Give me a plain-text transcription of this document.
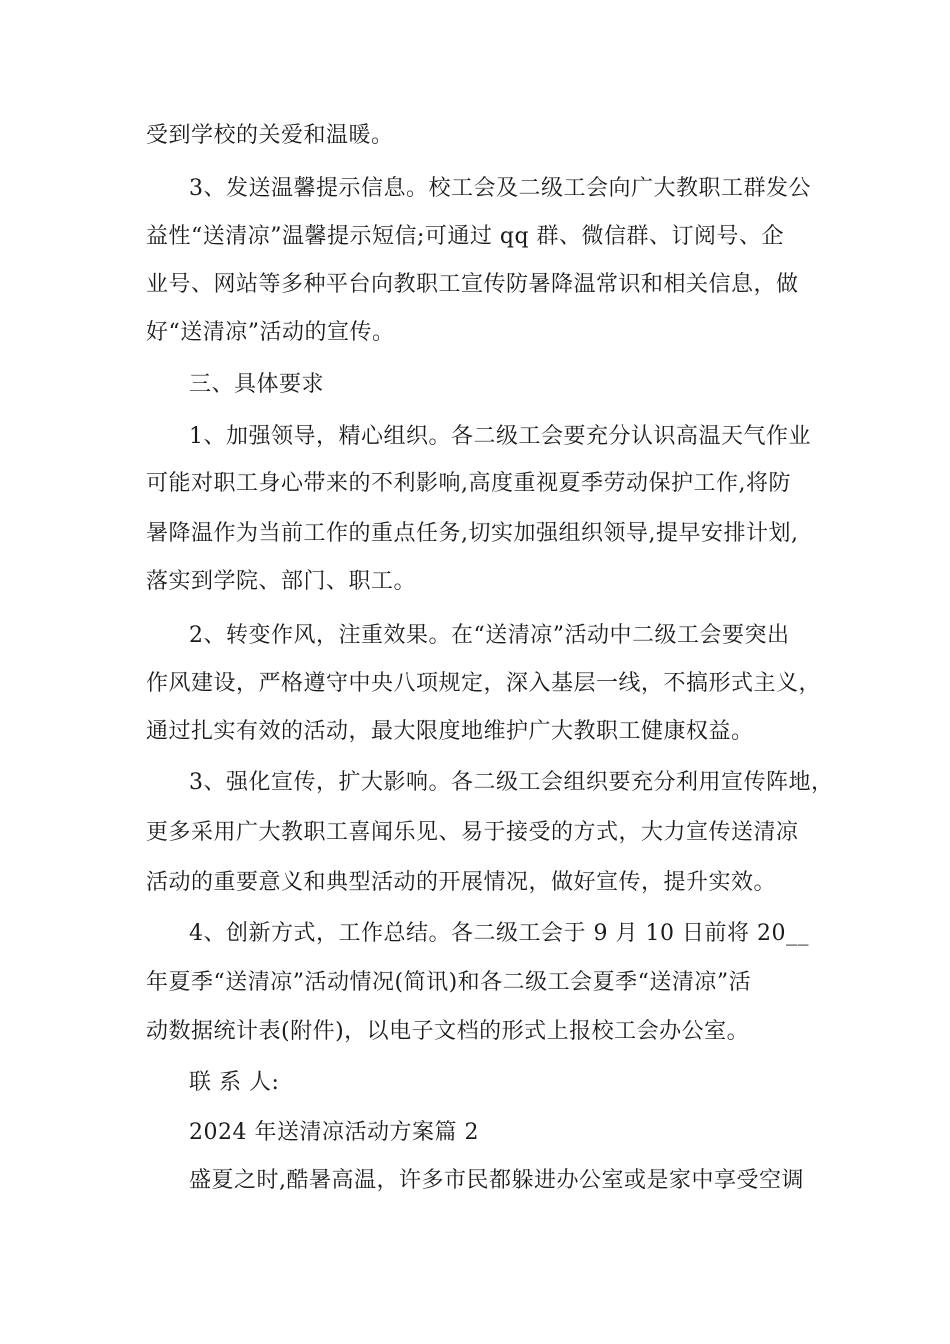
受到学校的关爱和温暖。
3、发送温馨提示信息。校工会及二级工会向广大教职工群发公
益性“送清凉”温馨提示短信;可通过 qq 群、微信群、订阅号、企
业号、网站等多种平台向教职工宣传防暑降温常识和相关信息，做
好“送清凉”活动的宣传。
三、具体要求
1、加强领导，精心组织。各二级工会要充分认识高温天气作业
可能对职工身心带来的不利影响,高度重视夏季劳动保护工作,将防
暑降温作为当前工作的重点任务,切实加强组织领导,提早安排计划,
落实到学院、部门、职工。
2、转变作风，注重效果。在“送清凉”活动中二级工会要突出
作风建设，严格遵守中央八项规定，深入基层一线，不搞形式主义，
通过扎实有效的活动，最大限度地维护广大教职工健康权益。
3、强化宣传，扩大影响。各二级工会组织要充分利用宣传阵地，
更多采用广大教职工喜闻乐见、易于接受的方式，大力宣传送清凉
活动的重要意义和典型活动的开展情况，做好宣传，提升实效。
4、创新方式，工作总结。各二级工会于 9 月 10 日前将 20__
年夏季“送清凉”活动情况(简讯)和各二级工会夏季“送清凉”活
动数据统计表(附件)，以电子文档的形式上报校工会办公室。
联 系 人:
2024 年送清凉活动方案篇 2
盛夏之时,酷暑高温，许多市民都躲进办公室或是家中享受空调
